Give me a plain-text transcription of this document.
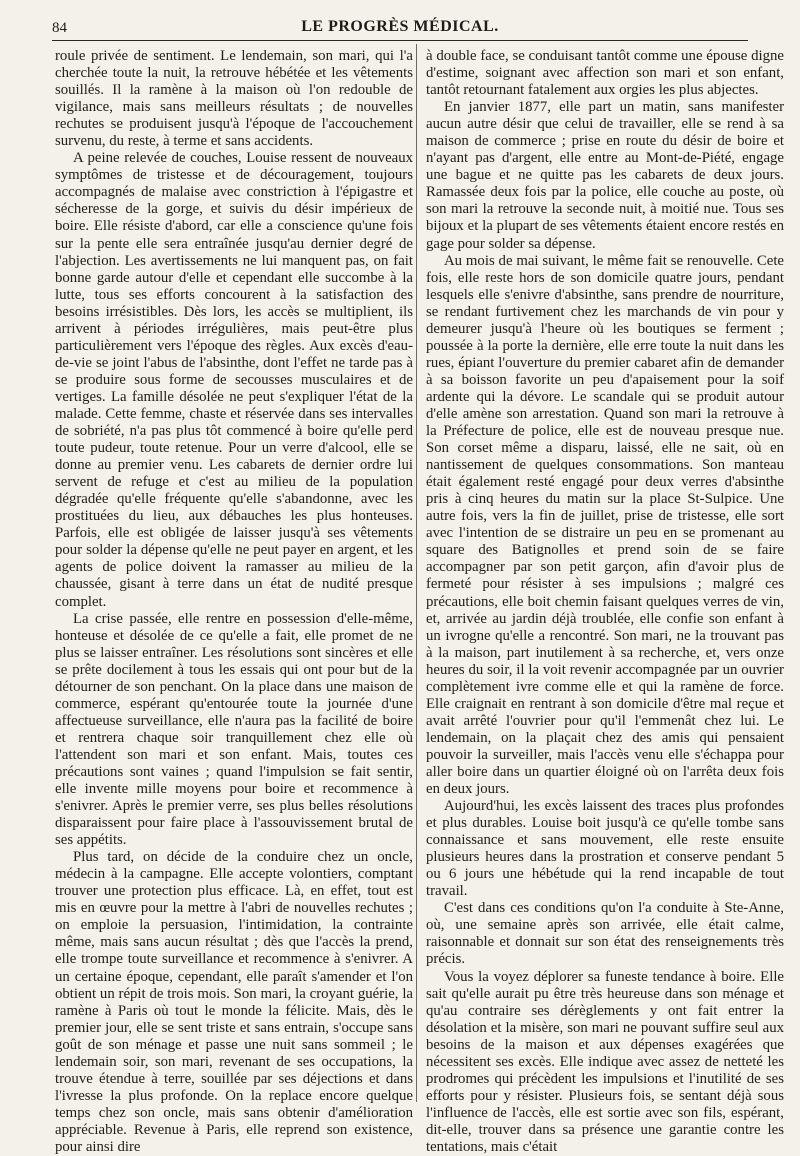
84	LE PROGRÈS MÉDICAL.

roule privée de sentiment. Le lendemain, son mari, qui l'a cherchée toute la nuit, la retrouve hébétée et les vêtements souillés. Il la ramène à la maison où l'on redouble de vigilance, mais sans meilleurs résultats ; de nouvelles rechutes se produisent jusqu'à l'époque de l'accouchement survenu, du reste, à terme et sans accidents.

A peine relevée de couches, Louise ressent de nouveaux symptômes de tristesse et de découragement, toujours accompagnés de malaise avec constriction à l'épigastre et sécheresse de la gorge, et suivis du désir impérieux de boire. Elle résiste d'abord, car elle a conscience qu'une fois sur la pente elle sera entraînée jusqu'au dernier degré de l'abjection. Les avertissements ne lui manquent pas, on fait bonne garde autour d'elle et cependant elle succombe à la lutte, tous ses efforts concourent à la satisfaction des besoins irrésistibles. Dès lors, les accès se multiplient, ils arrivent à périodes irrégulières, mais peut-être plus particulièrement vers l'époque des règles. Aux excès d'eau-de-vie se joint l'abus de l'absinthe, dont l'effet ne tarde pas à se produire sous forme de secousses musculaires et de vertiges. La famille désolée ne peut s'expliquer l'état de la malade. Cette femme, chaste et réservée dans ses intervalles de sobriété, n'a pas plus tôt commencé à boire qu'elle perd toute pudeur, toute retenue. Pour un verre d'alcool, elle se donne au premier venu. Les cabarets de dernier ordre lui servent de refuge et c'est au milieu de la population dégradée qu'elle fréquente qu'elle s'abandonne, avec les prostituées du lieu, aux débauches les plus honteuses. Parfois, elle est obligée de laisser jusqu'à ses vêtements pour solder la dépense qu'elle ne peut payer en argent, et les agents de police doivent la ramasser au milieu de la chaussée, gisant à terre dans un état de nudité presque complet.

La crise passée, elle rentre en possession d'elle-même, honteuse et désolée de ce qu'elle a fait, elle promet de ne plus se laisser entraîner. Les résolutions sont sincères et elle se prête docilement à tous les essais qui ont pour but de la détourner de son penchant. On la place dans une maison de commerce, espérant qu'entourée toute la journée d'une affectueuse surveillance, elle n'aura pas la facilité de boire et rentrera chaque soir tranquillement chez elle où l'attendent son mari et son enfant. Mais, toutes ces précautions sont vaines ; quand l'impulsion se fait sentir, elle invente mille moyens pour boire et recommence à s'enivrer. Après le premier verre, ses plus belles résolutions disparaissent pour faire place à l'assouvissement brutal de ses appétits.

Plus tard, on décide de la conduire chez un oncle, médecin à la campagne. Elle accepte volontiers, comptant trouver une protection plus efficace. Là, en effet, tout est mis en œuvre pour la mettre à l'abri de nouvelles rechutes ; on emploie la persuasion, l'intimidation, la contrainte même, mais sans aucun résultat ; dès que l'accès la prend, elle trompe toute surveillance et recommence à s'enivrer. A un certaine époque, cependant, elle paraît s'amender et l'on obtient un répit de trois mois. Son mari, la croyant guérie, la ramène à Paris où tout le monde la félicite. Mais, dès le premier jour, elle se sent triste et sans entrain, s'occupe sans goût de son ménage et passe une nuit sans sommeil ; le lendemain soir, son mari, revenant de ses occupations, la trouve étendue à terre, souillée par ses déjections et dans l'ivresse la plus profonde. On la replace encore quelque temps chez son oncle, mais sans obtenir d'amélioration appréciable. Revenue à Paris, elle reprend son existence, pour ainsi dire

à double face, se conduisant tantôt comme une épouse digne d'estime, soignant avec affection son mari et son enfant, tantôt retournant fatalement aux orgies les plus abjectes.

En janvier 1877, elle part un matin, sans manifester aucun autre désir que celui de travailler, elle se rend à sa maison de commerce ; prise en route du désir de boire et n'ayant pas d'argent, elle entre au Mont-de-Piété, engage une bague et ne quitte pas les cabarets de deux jours. Ramassée deux fois par la police, elle couche au poste, où son mari la retrouve la seconde nuit, à moitié nue. Tous ses bijoux et la plupart de ses vêtements étaient encore restés en gage pour solder sa dépense.

Au mois de mai suivant, le même fait se renouvelle. Cete fois, elle reste hors de son domicile quatre jours, pendant lesquels elle s'enivre d'absinthe, sans prendre de nourriture, se rendant furtivement chez les marchands de vin pour y demeurer jusqu'à l'heure où les boutiques se ferment ; poussée à la porte la dernière, elle erre toute la nuit dans les rues, épiant l'ouverture du premier cabaret afin de demander à sa boisson favorite un peu d'apaisement pour la soif ardente qui la dévore. Le scandale qui se produit autour d'elle amène son arrestation. Quand son mari la retrouve à la Préfecture de police, elle est de nouveau presque nue. Son corset même a disparu, laissé, elle ne sait, où en nantissement de quelques consommations. Son manteau était également resté engagé pour deux verres d'absinthe pris à cinq heures du matin sur la place St-Sulpice. Une autre fois, vers la fin de juillet, prise de tristesse, elle sort avec l'intention de se distraire un peu en se promenant au square des Batignolles et prend soin de se faire accompagner par son petit garçon, afin d'avoir plus de fermeté pour résister à ses impulsions ; malgré ces précautions, elle boit chemin faisant quelques verres de vin, et, arrivée au jardin déjà troublée, elle confie son enfant à un ivrogne qu'elle a rencontré. Son mari, ne la trouvant pas à la maison, part inutilement à sa recherche, et, vers onze heures du soir, il la voit revenir accompagnée par un ouvrier complètement ivre comme elle et qui la ramène de force. Elle craignait en rentrant à son domicile d'être mal reçue et avait arrêté l'ouvrier pour qu'il l'emmenât chez lui. Le lendemain, on la plaçait chez des amis qui pensaient pouvoir la surveiller, mais l'accès venu elle s'échappa pour aller boire dans un quartier éloigné où on l'arrêta deux fois en deux jours.

Aujourd'hui, les excès laissent des traces plus profondes et plus durables. Louise boit jusqu'à ce qu'elle tombe sans connaissance et sans mouvement, elle reste ensuite plusieurs heures dans la prostration et conserve pendant 5 ou 6 jours une hébétude qui la rend incapable de tout travail.

C'est dans ces conditions qu'on l'a conduite à Ste-Anne, où, une semaine après son arrivée, elle était calme, raisonnable et donnait sur son état des renseignements très précis.

Vous la voyez déplorer sa funeste tendance à boire. Elle sait qu'elle aurait pu être très heureuse dans son ménage et qu'au contraire ses dérèglements y ont fait entrer la désolation et la misère, son mari ne pouvant suffire seul aux besoins de la maison et aux dépenses exagérées que nécessitent ses excès. Elle indique avec assez de netteté les prodromes qui précèdent les impulsions et l'inutilité de ses efforts pour y résister. Plusieurs fois, se sentant déjà sous l'influence de l'accès, elle est sortie avec son fils, espérant, dit-elle, trouver dans sa présence une garantie contre les tentations, mais c'était
